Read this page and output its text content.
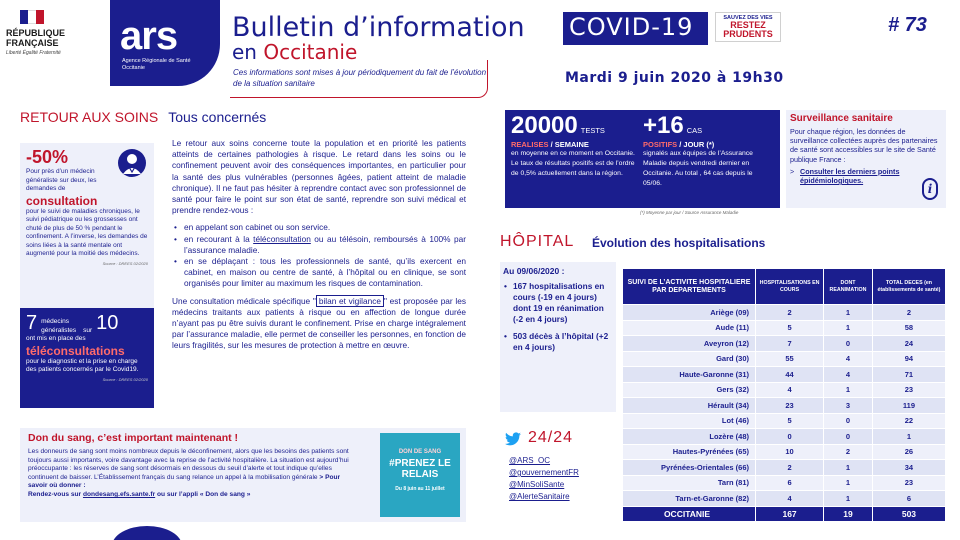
RÉPUBLIQUE
FRANÇAISE
Liberté Égalité Fraternité	ars
Agence Régionale de Santé
Occitanie
Bulletin d’information COVID-19	SAUVEZ DES VIES
RESTEZ
PRUDENTS	# 73
en Occitanie
Ces informations sont mises à jour périodiquement du fait de l’évolution de la situation sanitaire	Mardi 9 juin 2020 à 19h30
RETOUR AUX SOINS Tous concernés
-50%
Pour près d’un médecin généraliste sur deux, les demandes de
consultation
pour le suivi de maladies chroniques, le suivi pédiatrique ou les grossesses ont chuté de plus de 50 % pendant le confinement. A l’inverse, les demandes de soins liées à la santé mentale ont augmenté pour la moitié des médecins.
Source : DREES 02/2020
7 médecins généralistes	sur 10
ont mis en place des
téléconsultations
pour le diagnostic et la prise en charge des patients concernés par le Covid19.
Source : DREES 02/2020

Le retour aux soins concerne toute la population et en priorité les patients atteints de certaines pathologies à risque. Le retard dans les soins ou le confinement peuvent avoir des conséquences importantes, en particulier pour la santé des plus vulnérables (personnes âgées, patient atteint de maladie chronique). Il ne faut pas hésiter à reprendre contact avec son professionnel de santé pour faire le point sur son état de santé, reprendre son suivi médical et prendre rendez-vous :

• en appelant son cabinet ou son service.
• en recourant à la téléconsultation ou au télésoin, remboursés à 100% par l’assurance maladie.
• en se déplaçant : tous les professionnels de santé, qu’ils exercent en cabinet, en maison ou centre de santé, à l’hôpital ou en clinique, se sont organisés pour limiter au maximum les risques de contamination.

Une consultation médicale spécifique " bilan et vigilance " est proposée par les médecins traitants aux patients à risque ou en affection de longue durée n’ayant pas pu être suivis durant le confinement. Prise en charge intégralement par l’assurance maladie, elle permet de conseiller les personnes, en fonction de leurs fragilités, sur les mesures de protection à mettre en œuvre.

Don du sang, c’est important maintenant !
Les donneurs de sang sont moins nombreux depuis le déconfinement, alors que les besoins des patients sont toujours aussi importants, voire davantage avec la reprise de l’activité hospitalière. La situation est aujourd’hui préoccupante : les réserves de sang sont désormais en dessous du seuil d’alerte et tout indique qu’elles continuent de baisser. L’Établissement français du sang relance un appel à la mobilisation générale > Pour savoir où donner :
Rendez-vous sur dondesang.efs.sante.fr ou sur l’appli « Don de sang »
DON DE SANG
#PRENEZ LE RELAIS
Du 8 juin au 11 juillet
20000 TESTS
REALISES / SEMAINE
en moyenne en ce moment en Occitanie. Le taux de résultats positifs est de l’ordre de 0,5% actuellement dans la région.
+16 CAS
POSITIFS / JOUR (*)
signalés aux équipes de l’Assurance Maladie depuis vendredi dernier en Occitanie. Au total , 64 cas depuis le 05/06.
(*) Moyenne par jour / Source Assurance Maladie
Surveillance sanitaire
Pour chaque région, les données de surveillance collectées auprès des partenaires de santé sont accessibles sur le site de Santé publique France :
> Consulter les derniers points épidémiologiques.
i
HÔPITAL Évolution des hospitalisations
Au 09/06/2020 :
• 167 hospitalisations en cours (-19 en 4 jours) dont 19 en réanimation (-2 en 4 jours)
• 503 décès à l’hôpital (+2 en 4 jours)
SUIVI DE L’ACTIVITE HOSPITALIERE PAR DEPARTEMENTS	HOSPITALISATIONS EN COURS	DONT REANIMATION	TOTAL DECES (en établissements de santé)
Ariège (09)	2	1	2
Aude (11)	5	1	58
Aveyron (12)	7	0	24
Gard (30)	55	4	94
Haute-Garonne (31)	44	4	71
Gers (32)	4	1	23
Hérault (34)	23	3	119
Lot (46)	5	0	22
Lozère (48)	0	0	1
Hautes-Pyrénées (65)	10	2	26
Pyrénées-Orientales (66)	2	1	34
Tarn (81)	6	1	23
Tarn-et-Garonne (82)	4	1	6
OCCITANIE	167	19	503
24/24
@ARS_OC
@gouvernementFR
@MinSoliSante
@AlerteSanitaire
